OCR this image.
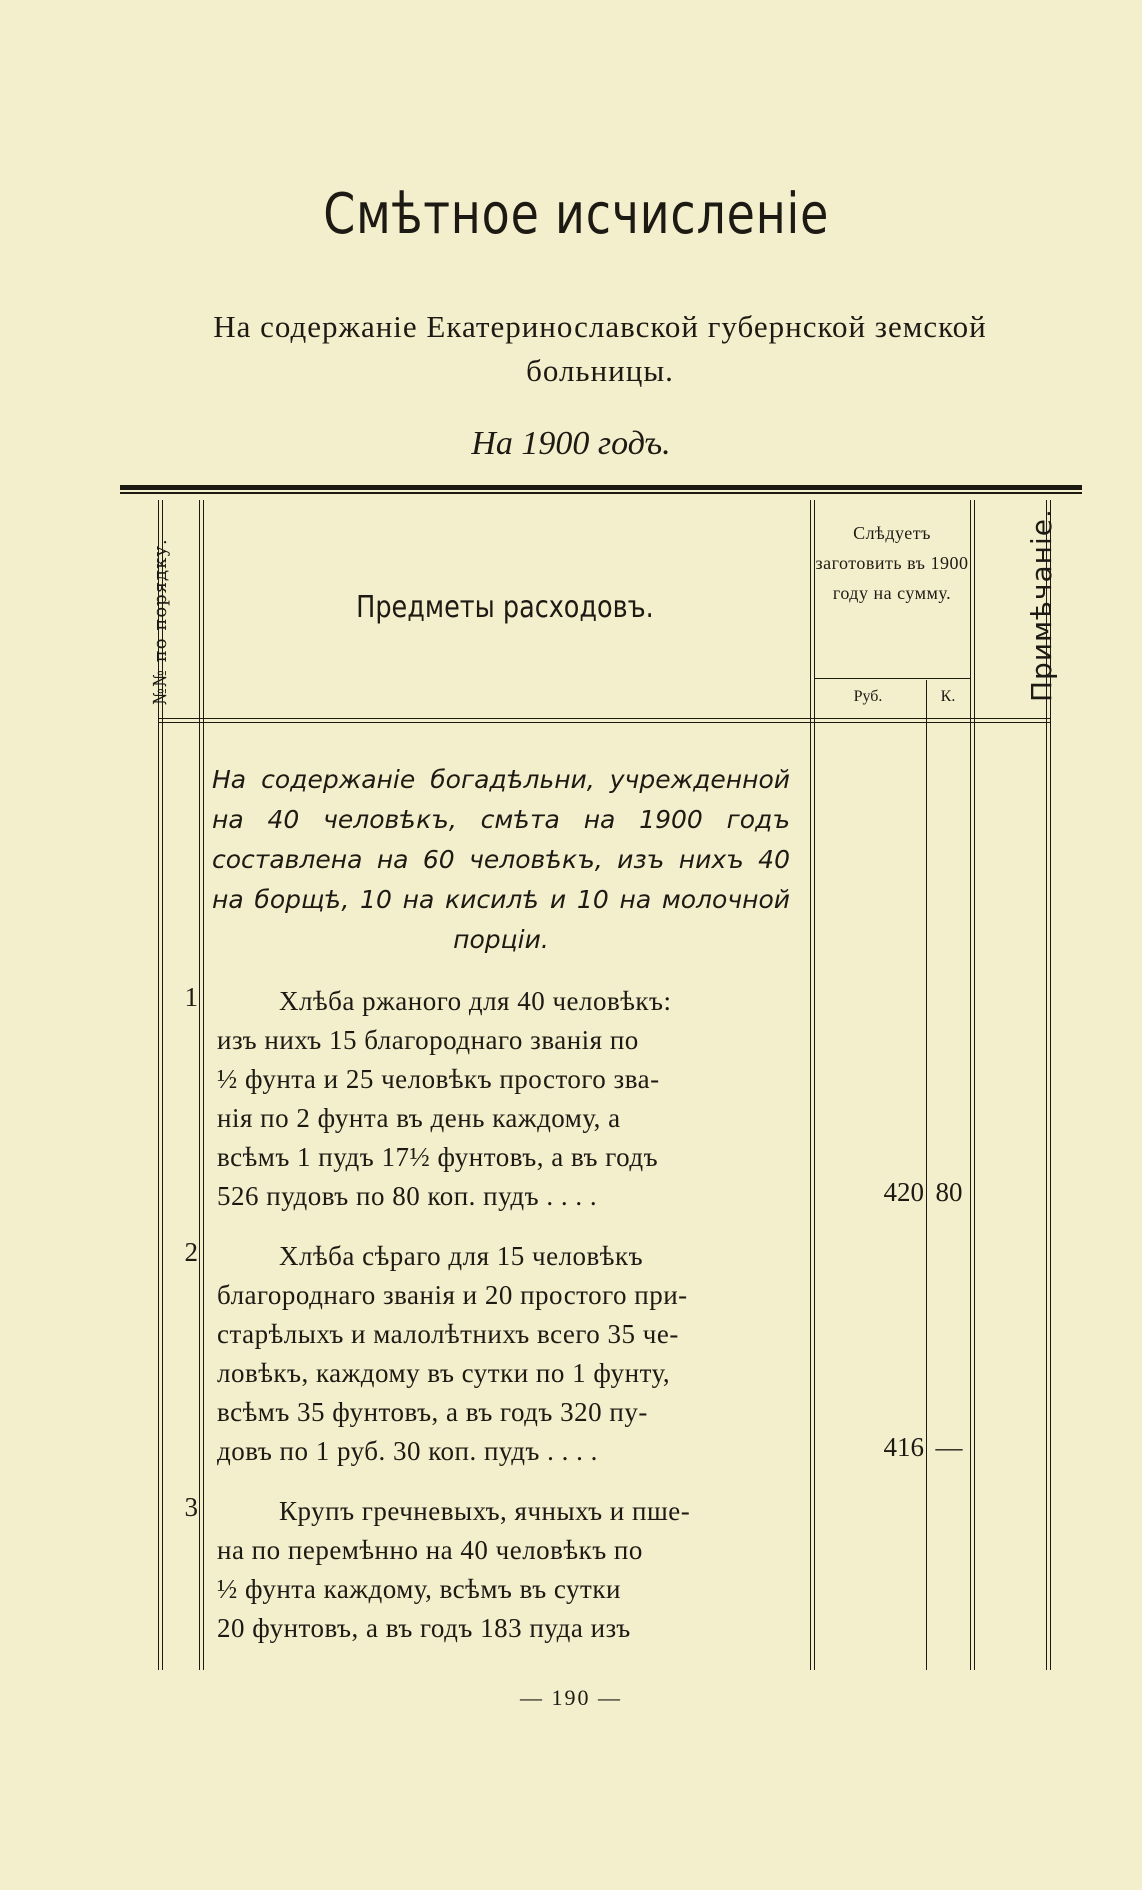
Смѣтное исчисленіе
На содержаніе Екатеринославской губернской земской больницы.
На 1900 годъ.
№№ по порядку.	Предметы расходовъ.
Слѣдуетъ заготовить въ 1900 году на сумму.
Руб.	К.	Примѣчаніе.
На содержаніе богадѣльни, учрежденной на 40 человѣкъ, смѣта на 1900 годъ составлена на 60 человѣкъ, изъ нихъ 40 на борщѣ, 10 на кисилѣ и 10 на молочной порціи.
1	Хлѣба ржаного для 40 человѣкъ:
изъ нихъ 15 благороднаго званія по
½ фунта и 25 человѣкъ простого зва-
нія по 2 фунта въ день каждому, а
всѣмъ 1 пудъ 17½ фунтовъ, а въ годъ
526 пудовъ по 80 коп. пудъ . . . .	420 80
2	Хлѣба сѣраго для 15 человѣкъ
благороднаго званія и 20 простого при-
старѣлыхъ и малолѣтнихъ всего 35 че-
ловѣкъ, каждому въ сутки по 1 фунту,
всѣмъ 35 фунтовъ, а въ годъ 320 пу-
довъ по 1 руб. 30 коп. пудъ . . . .	416 —
3	Крупъ гречневыхъ, ячныхъ и пше-
на по перемѣнно на 40 человѣкъ по
½ фунта каждому, всѣмъ въ сутки
20 фунтовъ, а въ годъ 183 пуда изъ
— 190 —
